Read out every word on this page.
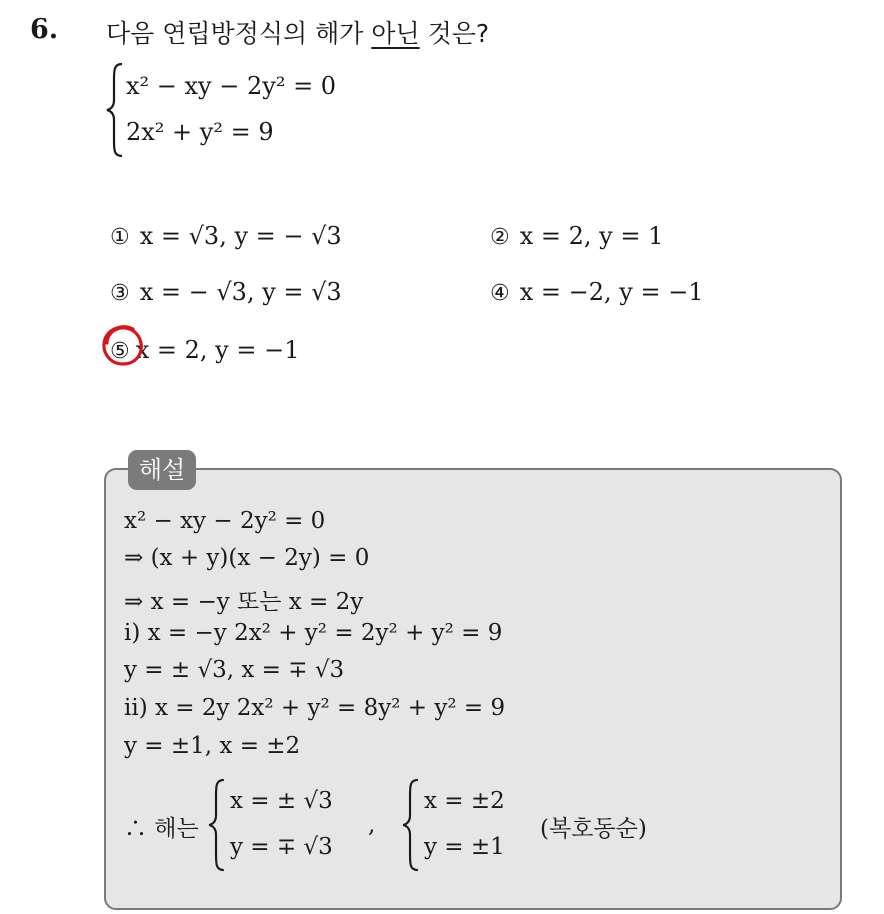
6. 다음 연립방정식의 해가 아닌 것은?
x² − xy − 2y² = 0
2x² + y² = 9
① x = √3, y = − √3	② x = 2, y = 1
③ x = − √3, y = √3	④ x = −2, y = −1
⑤ x = 2, y = −1
해설
x² − xy − 2y² = 0
⇒ (x + y)(x − 2y) = 0
⇒ x = −y 또는 x = 2y
i) x = −y 2x² + y² = 2y² + y² = 9
y = ± √3, x = ∓ √3
ii) x = 2y 2x² + y² = 8y² + y² = 9
y = ±1, x = ±2
∴ 해는
x = ± √3
y = ∓ √3
,
x = ±2
y = ±1
(복호동순)
